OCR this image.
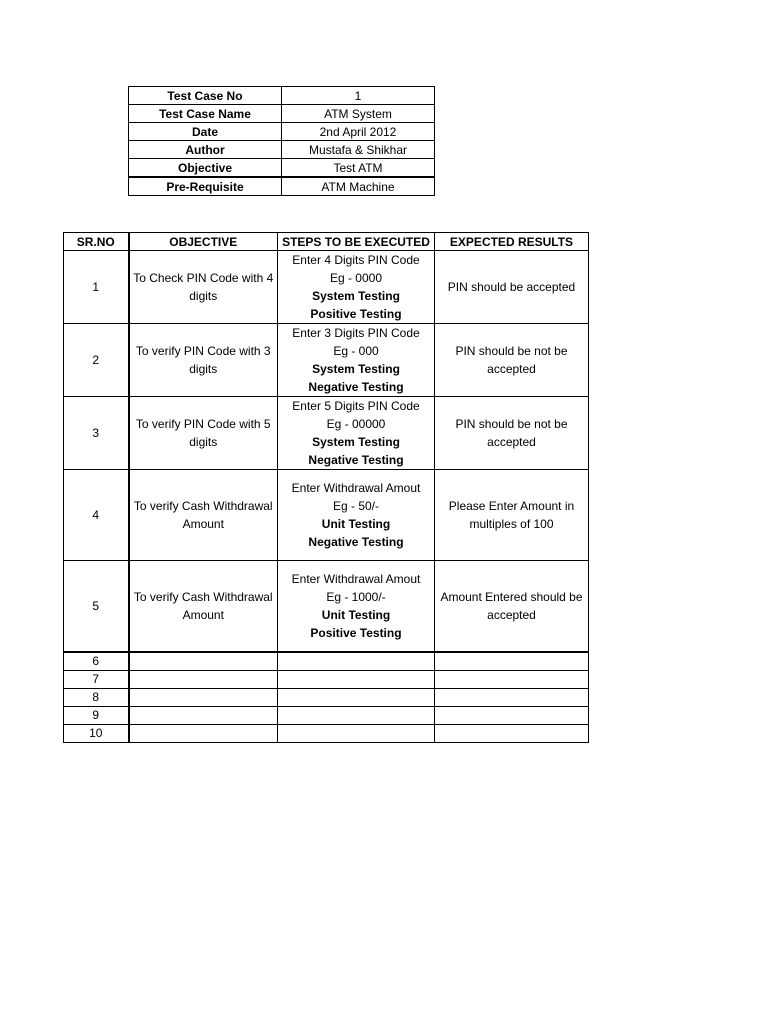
Test Case No	1
Test Case Name	ATM System
Date	2nd April 2012
Author	Mustafa & Shikhar
Objective	Test ATM
Pre-Requisite	ATM Machine
SR.NO	OBJECTIVE	STEPS TO BE EXECUTED	EXPECTED RESULTS
1	To Check PIN Code with 4 digits	Enter 4 Digits PIN Code
Eg - 0000
System Testing
Positive Testing	PIN should be accepted
2	To verify PIN Code with 3 digits	Enter 3 Digits PIN Code
Eg - 000
System Testing
Negative Testing	PIN should be not be accepted
3	To verify PIN Code with 5 digits	Enter 5 Digits PIN Code
Eg - 00000
System Testing
Negative Testing	PIN should be not be accepted
4	To verify Cash Withdrawal Amount	Enter Withdrawal Amout
Eg - 50/-
Unit Testing
Negative Testing	Please Enter Amount in multiples of 100
5	To verify Cash Withdrawal Amount	Enter Withdrawal Amout
Eg - 1000/-
Unit Testing
Positive Testing	Amount Entered should be accepted
6			
7			
8			
9			
10			
